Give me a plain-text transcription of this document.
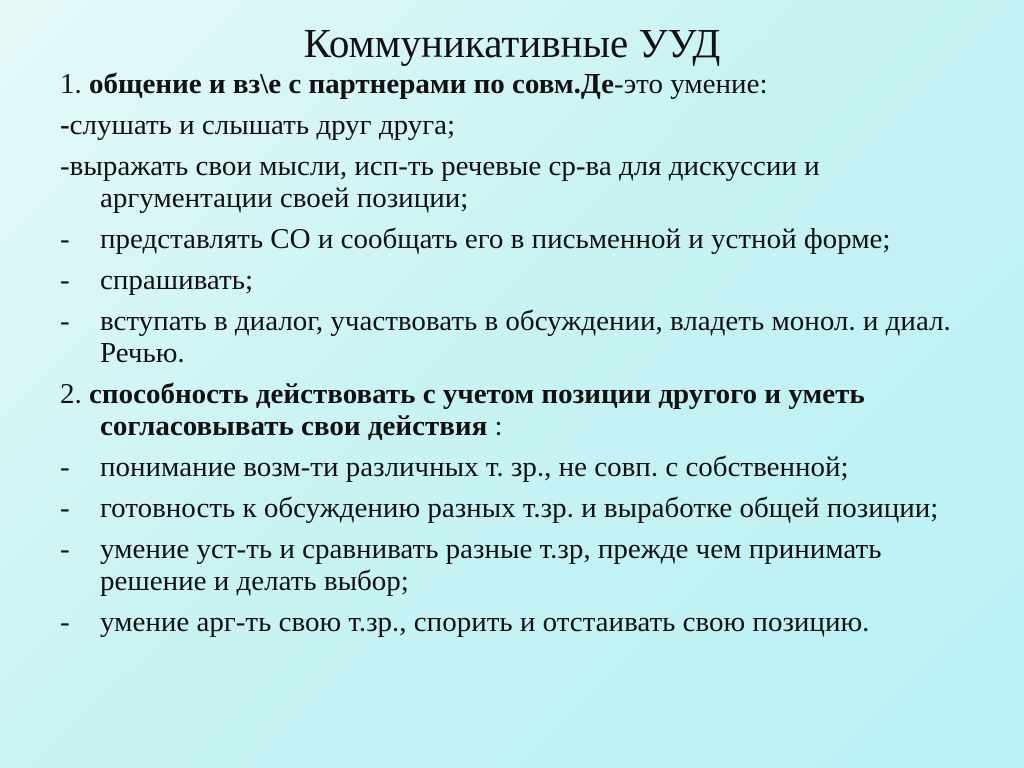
Коммуникативные УУД
1. общение и вз\е с партнерами по совм.Де-это умение:
-слушать и слышать друг друга;
-выражать свои мысли, исп-ть речевые ср-ва для дискуссии и аргументации своей позиции;
-	представлять СО и сообщать его в письменной и устной форме;
-	спрашивать;
-	вступать в диалог, участвовать в обсуждении, владеть монол. и диал. Речью.
2. способность действовать с учетом позиции другого и уметь согласовывать свои действия :
-	понимание возм-ти различных т. зр., не совп. с собственной;
-	готовность к обсуждению разных т.зр. и выработке общей позиции;
-	умение уст-ть и сравнивать разные т.зр, прежде чем принимать решение и делать выбор;
-	умение арг-ть свою т.зр., спорить и отстаивать свою позицию.
